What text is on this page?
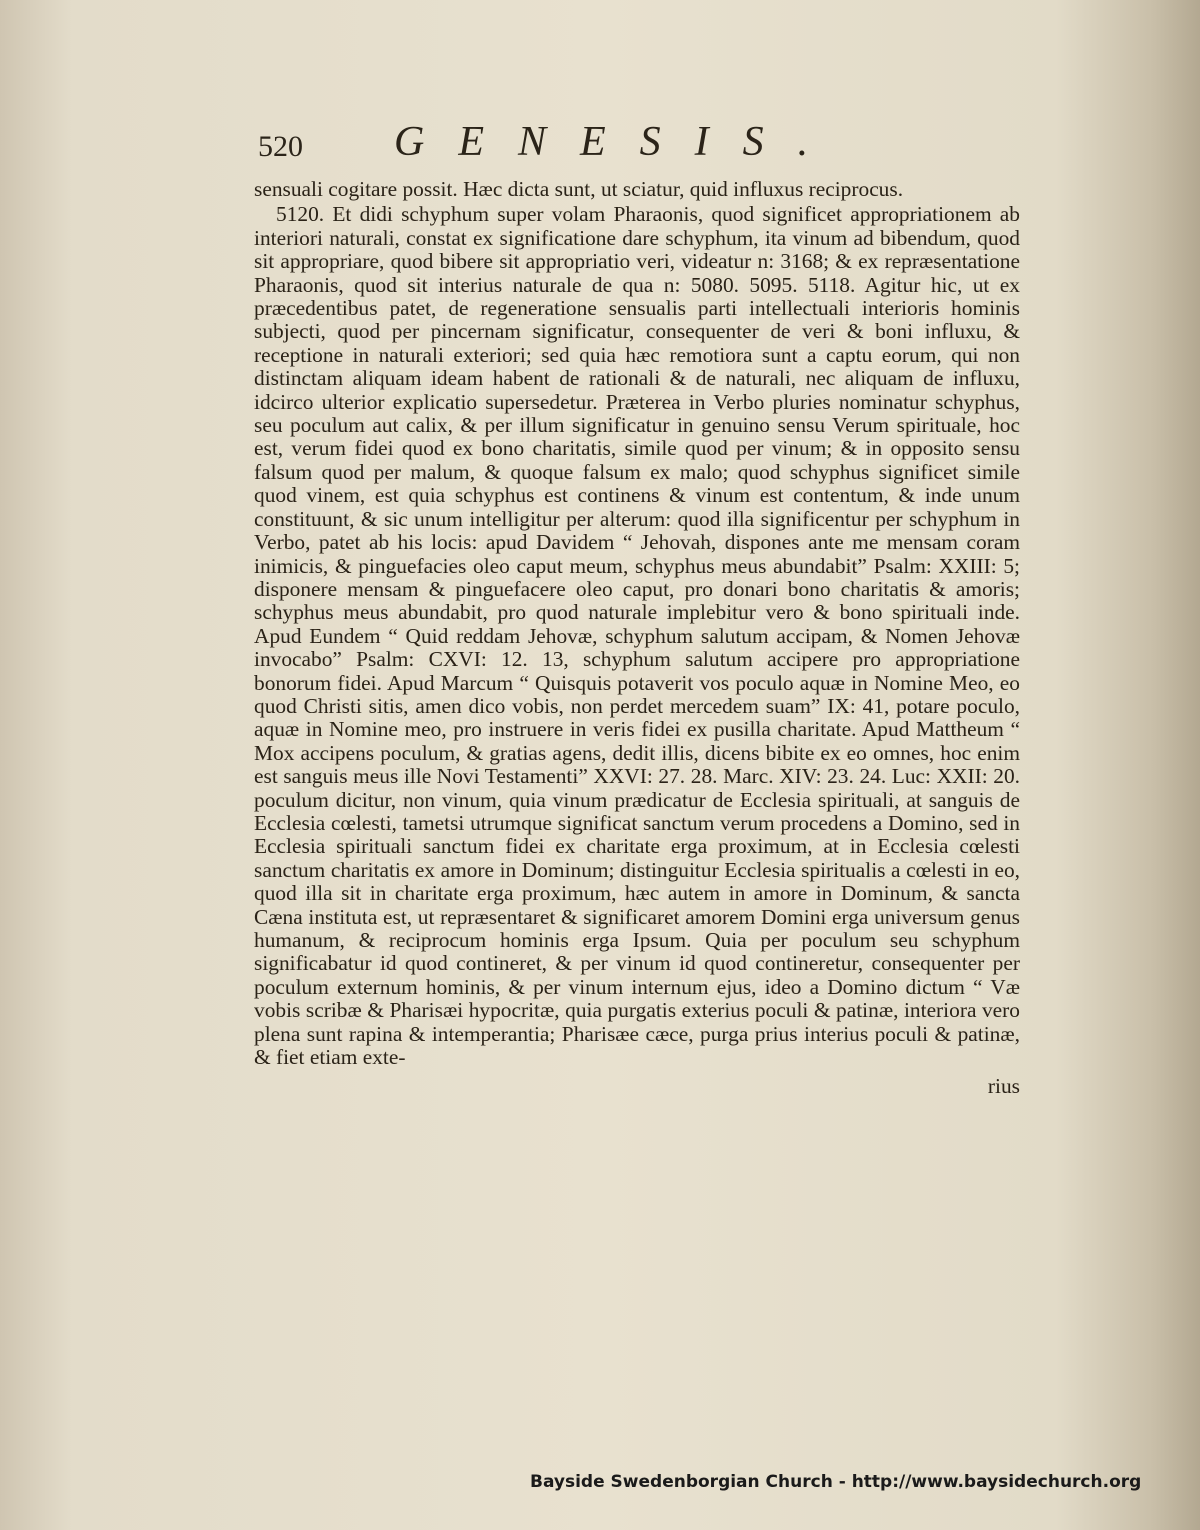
520 GENESIS.

sensuali cogitare possit. Hæc dicta sunt, ut sciatur, quid influxus reciprocus.

5120. Et didi schyphum super volam Pharaonis, quod significet appropriationem ab interiori naturali, constat ex significatione dare schyphum, ita vinum ad bibendum, quod sit appropriare, quod bibere sit appropriatio veri, videatur n: 3168; & ex repræsentatione Pharaonis, quod sit interius naturale de qua n: 5080. 5095. 5118. Agitur hic, ut ex præcedentibus patet, de regeneratione sensualis parti intellectuali interioris hominis subjecti, quod per pincernam significatur, consequenter de veri & boni influxu, & receptione in naturali exteriori; sed quia hæc remotiora sunt a captu eorum, qui non distinctam aliquam ideam habent de rationali & de naturali, nec aliquam de influxu, idcirco ulterior explicatio supersedetur. Præterea in Verbo pluries nominatur schyphus, seu poculum aut calix, & per illum significatur in genuino sensu Verum spirituale, hoc est, verum fidei quod ex bono charitatis, simile quod per vinum; & in opposito sensu falsum quod per malum, & quoque falsum ex malo; quod schyphus significet simile quod vinem, est quia schyphus est continens & vinum est contentum, & inde unum constituunt, & sic unum intelligitur per alterum: quod illa significentur per schyphum in Verbo, patet ab his locis: apud Davidem “ Jehovah, dispones ante me mensam coram inimicis, & pinguefacies oleo caput meum, schyphus meus abundabit” Psalm: XXIII: 5; disponere mensam & pinguefacere oleo caput, pro donari bono charitatis & amoris; schyphus meus abundabit, pro quod naturale implebitur vero & bono spirituali inde. Apud Eundem “ Quid reddam Jehovæ, schyphum salutum accipam, & Nomen Jehovæ invocabo” Psalm: CXVI: 12. 13, schyphum salutum accipere pro appropriatione bonorum fidei. Apud Marcum “ Quisquis potaverit vos poculo aquæ in Nomine Meo, eo quod Christi sitis, amen dico vobis, non perdet mercedem suam” IX: 41, potare poculo, aquæ in Nomine meo, pro instruere in veris fidei ex pusilla charitate. Apud Mattheum “ Mox accipens poculum, & gratias agens, dedit illis, dicens bibite ex eo omnes, hoc enim est sanguis meus ille Novi Testamenti” XXVI: 27. 28. Marc. XIV: 23. 24. Luc: XXII: 20. poculum dicitur, non vinum, quia vinum prædicatur de Ecclesia spirituali, at sanguis de Ecclesia cœlesti, tametsi utrumque significat sanctum verum procedens a Domino, sed in Ecclesia spirituali sanctum fidei ex charitate erga proximum, at in Ecclesia cœlesti sanctum charitatis ex amore in Dominum; distinguitur Ecclesia spiritualis a cœlesti in eo, quod illa sit in charitate erga proximum, hæc autem in amore in Dominum, & sancta Cæna instituta est, ut repræsentaret & significaret amorem Domini erga universum genus humanum, & reciprocum hominis erga Ipsum. Quia per poculum seu schyphum significabatur id quod contineret, & per vinum id quod contineretur, consequenter per poculum externum hominis, & per vinum internum ejus, ideo a Domino dictum “ Væ vobis scribæ & Pharisæi hypocritæ, quia purgatis exterius poculi & patinæ, interiora vero plena sunt rapina & intemperantia; Pharisæe cæce, purga prius interius poculi & patinæ, & fiet etiam exte-

rius

Bayside Swedenborgian Church - http://www.baysidechurch.org
